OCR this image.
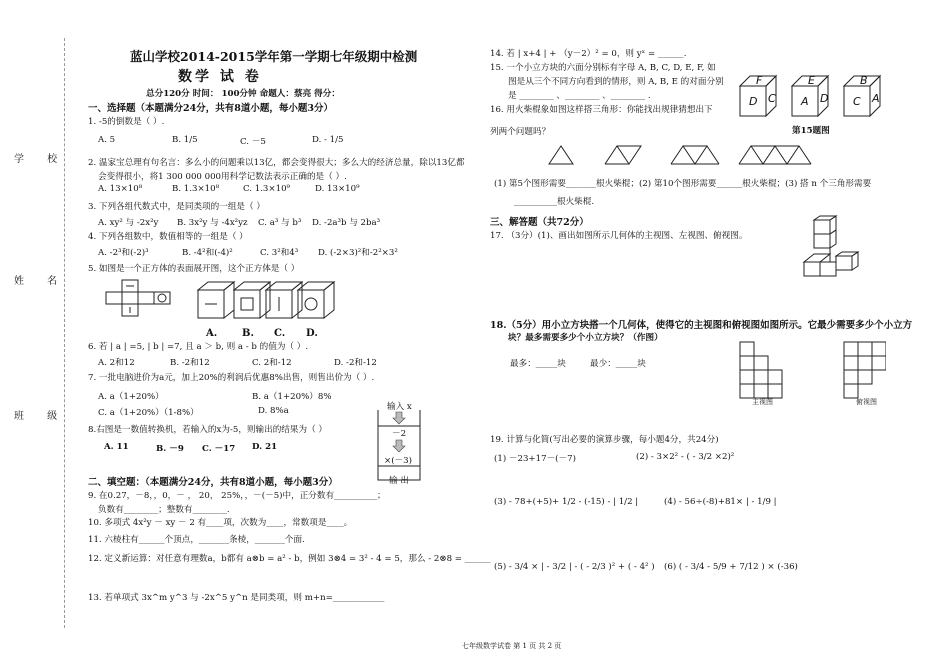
学 校
姓 名
班 级
蓝山学校2014-2015学年第一学期七年级期中检测
数学 试 卷
总分120分 时间： 100分钟 命题人：蔡亮 得分：
一、选择题（本题满分24分，共有8道小题，每小题3分）
1. -5的倒数是（ ）.
A. 5	B. 1/5	C. －5	D. - 1/5
2. 温家宝总理有句名言：多么小的问题乘以13亿，都会变得很大；多么大的经济总量，除以13亿都
会变得很小，将1 300 000 000用科学记数法表示正确的是（ ）.
A. 13×10⁸	B. 1.3×10⁸	C. 1.3×10⁹	D. 13×10⁹
3. 下列各组代数式中，是同类项的一组是（ ）
A. xy² 与 -2x²y B. 3x²y 与 -4x²yz C. a³ 与 b³ D. -2a³b 与 2ba³
4. 下列各组数中，数值相等的一组是（ ）
A. -2³和(-2)³	B. -4²和(-4)²	C. 3²和4³ D. (-2×3)²和-2²×3²
5. 如图是一个正方体的表面展开图，这个正方体是（ ）
A. B. C. D.
6. 若 | a | =5, | b | =7, 且 a ＞ b, 则 a - b 的值为（ ）.
A. 2和12	B. -2和12	C. 2和-12	D. -2和-12
7. 一批电脑进价为a元，加上20%的利润后优惠8%出售，则售出价为（ ）.
A. a（1+20%）	B. a（1+20%）8%
C. a（1+20%）（1-8%）	D. 8%a
8.右图是一数值转换机，若输入的x为-5，则输出的结果为（ ）
A. 11	B. －9 C. －17 D. 21
输入 x
－2
×(－3)
输 出
二、填空题：（本题满分24分，共有8道小题，每小题3分）
9. 在0.27，－8，，0，－ ， 20， 25%，，－(－5)中，正分数有__________；
负数有________；整数有________.
10. 多项式 4x²y － xy － 2 有____项，次数为____，常数项是____。
11. 六棱柱有______个顶点，_______条棱，_______个面.
12. 定义新运算：对任意有理数a，b都有 a⊗b = a² - b，例如 3⊗4 = 3² - 4 = 5，那么 - 2⊗8 = ______
13. 若单项式 3x^m y^3 与 -2x^5 y^n 是同类项，则 m+n=____________
14. 若 | x+4 | + （y－2）² = 0，则 yˣ = ______.
15. 一个小立方块的六面分别标有字母 A, B, C, D, E, F, 如
图是从三个不同方向看到的情形，则 A, B, E 的对面分别
是 ________ 、________ 、________ .
16. 用火柴棍象如图这样搭三角形：你能找出规律猜想出下
列两个问题吗？
F
D C
E
A D
B
C A
第15题图
(1) 第5个图形需要_______根火柴棍；(2) 第10个图形需要______根火柴棍；(3) 搭 n 个三角形需要
__________根火柴棍.
三、解答题（共72分）
17. （3分）(1)、画出如图所示几何体的主视图、左视图、俯视图。
18.（5分）用小立方块搭一个几何体，使得它的主视图和俯视图如图所示。它最少需要多少个小立方
块？最多需要多少个小立方块？（作图）
最多：_____块	最少：_____块
主视图	俯视图
19. 计算与化简(写出必要的演算步骤，每小题4分，共24分)
(1) －23+17－(－7)	(2) - 3×2² - ( - 3/2 ×2)²
(3) - 78+(+5)+ 1/2 - (-15) - | 1/2 |	(4) - 56÷(-8)+81× | - 1/9 |
(5) - 3/4 × | - 3/2 | - ( - 2/3 )² + ( - 4² ) (6) ( - 3/4 - 5/9 + 7/12 ) × (-36)
七年级数学试卷 第 1 页 共 2 页
